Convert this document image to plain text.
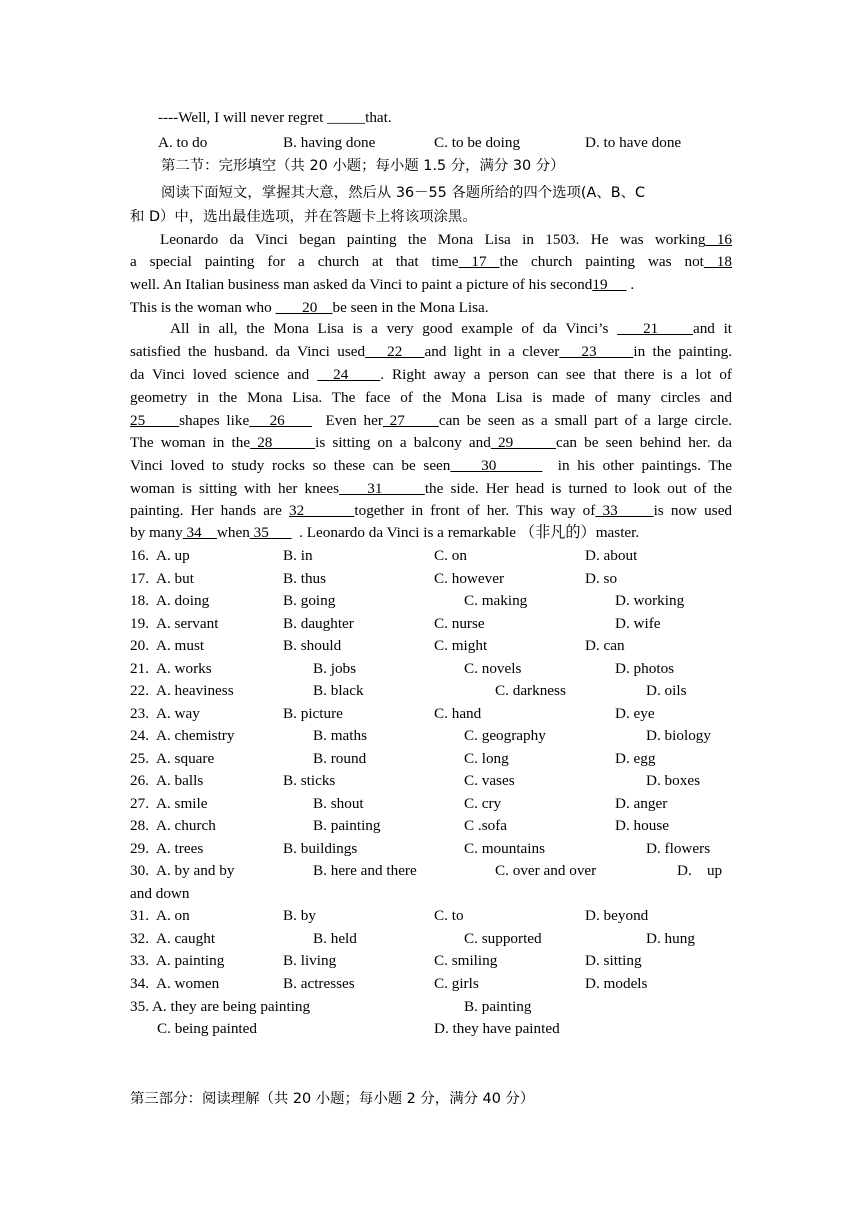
----Well, I will never regret _____that.
A. to do	B. having done	C. to be doing	D. to have done
第二节：完形填空（共 20 小题；每小题 1.5 分，满分 30 分）
阅读下面短文，掌握其大意，然后从 36－55 各题所给的四个选项(A、B、C
和 D）中，选出最佳选项，并在答题卡上将该项涂黑。
Leonardo da Vinci began painting the Mona Lisa in 1503. He was working 16
a special painting for a church at that time 17 the church painting was not 18
well. An Italian business man asked da Vinci to paint a picture of his second19      .
This is the woman who        20    be seen in the Mona Lisa.
All in all, the Mona Lisa is a very good example of da Vinci’s    21    and it
satisfied the husband. da Vinci used   22   and light in a clever   23     in the painting.
da Vinci loved science and   24    . Right away a person can see that there is a lot of
geometry in the Mona Lisa. The face of the Mona Lisa is made of many circles and
25     shapes like   26      Even her 27     can be seen as a small part of a large circle.
The woman in the 28      is sitting on a balcony and 29      can be seen behind her. da
Vinci loved to study rocks so these can be seen    30        in his other paintings. The
woman is sitting with her knees    31      the side. Her head is turned to look out of the
painting. Her hands are 32       together in front of her. This way of 33     is now used
by many 34    when 35        . Leonardo da Vinci is a remarkable （非凡的）master.
16. A. up	B. in	C. on	D. about
17. A. but	B. thus	C. however	D. so
18. A. doing	B. going	C. making	D. working
19. A. servant	B. daughter	C. nurse	D. wife
20. A. must	B. should	C. might	D. can
21. A. works	B. jobs	C. novels	D. photos
22. A. heaviness	B. black	C. darkness	D. oils
23. A. way	B. picture	C. hand	D. eye
24. A. chemistry	B. maths	C. geography	D. biology
25. A. square	B. round	C. long	D. egg
26. A. balls	B. sticks	C. vases	D. boxes
27. A. smile	B. shout	C. cry	D. anger
28. A. church	B. painting	C .sofa	D. house
29. A. trees	B. buildings	C. mountains	D. flowers
30. A. by and by	B. here and there	C. over and over	D.    up
and down
31. A. on	B. by	C. to	D. beyond
32. A. caught	B. held	C. supported	D. hung
33. A. painting	B. living	C. smiling	D. sitting
34. A. women	B. actresses	C. girls	D. models
35. A. they are being painting	B. painting
C. being painted	D. they have painted
第三部分：阅读理解（共 20 小题；每小题 2 分，满分 40 分）
